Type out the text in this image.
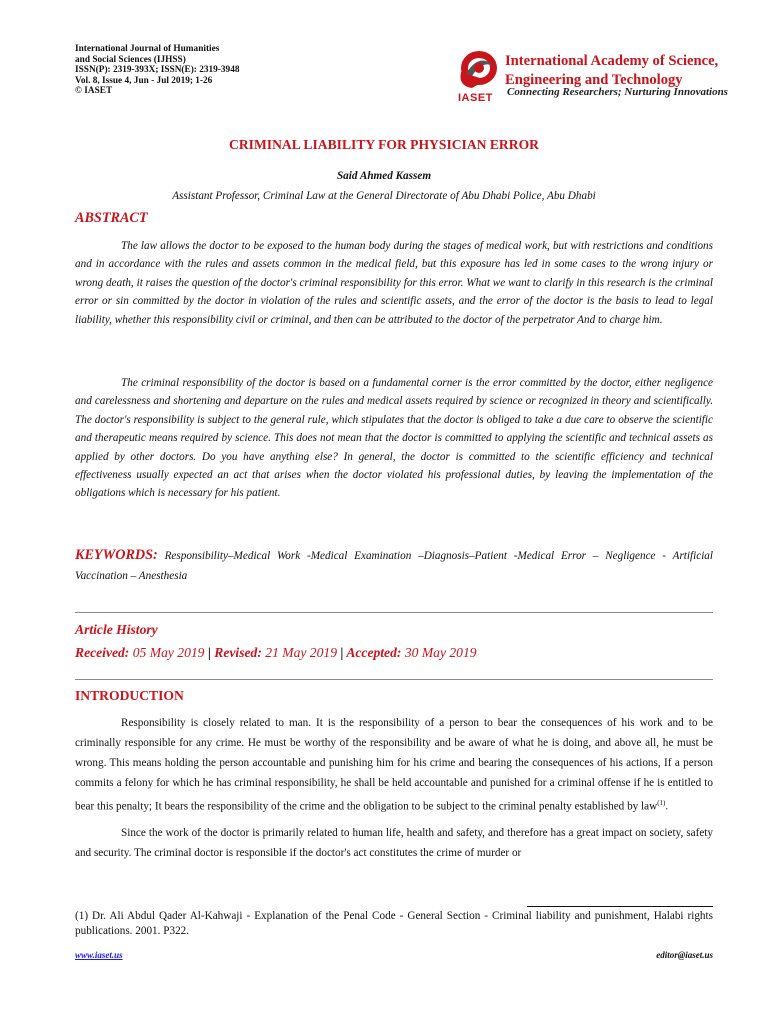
International Journal of Humanities
and Social Sciences (IJHSS)
ISSN(P): 2319-393X; ISSN(E): 2319-3948
Vol. 8, Issue 4, Jun - Jul 2019; 1-26
© IASET
IASET
International Academy of Science,
Engineering and Technology
Connecting Researchers; Nurturing Innovations
CRIMINAL LIABILITY FOR PHYSICIAN ERROR
Said Ahmed Kassem
Assistant Professor, Criminal Law at the General Directorate of Abu Dhabi Police, Abu Dhabi
ABSTRACT

The law allows the doctor to be exposed to the human body during the stages of medical work, but with restrictions and conditions and in accordance with the rules and assets common in the medical field, but this exposure has led in some cases to the wrong injury or wrong death, it raises the question of the doctor's criminal responsibility for this error. What we want to clarify in this research is the criminal error or sin committed by the doctor in violation of the rules and scientific assets, and the error of the doctor is the basis to lead to legal liability, whether this responsibility civil or criminal, and then can be attributed to the doctor of the perpetrator And to charge him.

The criminal responsibility of the doctor is based on a fundamental corner is the error committed by the doctor, either negligence and carelessness and shortening and departure on the rules and medical assets required by science or recognized in theory and scientifically. The doctor's responsibility is subject to the general rule, which stipulates that the doctor is obliged to take a due care to observe the scientific and therapeutic means required by science. This does not mean that the doctor is committed to applying the scientific and technical assets as applied by other doctors. Do you have anything else? In general, the doctor is committed to the scientific efficiency and technical effectiveness usually expected an act that arises when the doctor violated his professional duties, by leaving the implementation of the obligations which is necessary for his patient.

KEYWORDS: Responsibility–Medical Work -Medical Examination –Diagnosis–Patient -Medical Error – Negligence - Artificial Vaccination – Anesthesia
Article History
Received: 05 May 2019 | Revised: 21 May 2019 | Accepted: 30 May 2019
INTRODUCTION

Responsibility is closely related to man. It is the responsibility of a person to bear the consequences of his work and to be criminally responsible for any crime. He must be worthy of the responsibility and be aware of what he is doing, and above all, he must be wrong. This means holding the person accountable and punishing him for his crime and bearing the consequences of his actions, If a person commits a felony for which he has criminal responsibility, he shall be held accountable and punished for a criminal offense if he is entitled to bear this penalty; It bears the responsibility of the crime and the obligation to be subject to the criminal penalty established by law$^{(1)}$.

Since the work of the doctor is primarily related to human life, health and safety, and therefore has a great impact on society, safety and security. The criminal doctor is responsible if the doctor's act constitutes the crime of murder or

(1) Dr. Ali Abdul Qader Al-Kahwaji - Explanation of the Penal Code - General Section - Criminal liability and punishment, Halabi rights publications. 2001. P322.
www.iaset.us	editor@iaset.us
